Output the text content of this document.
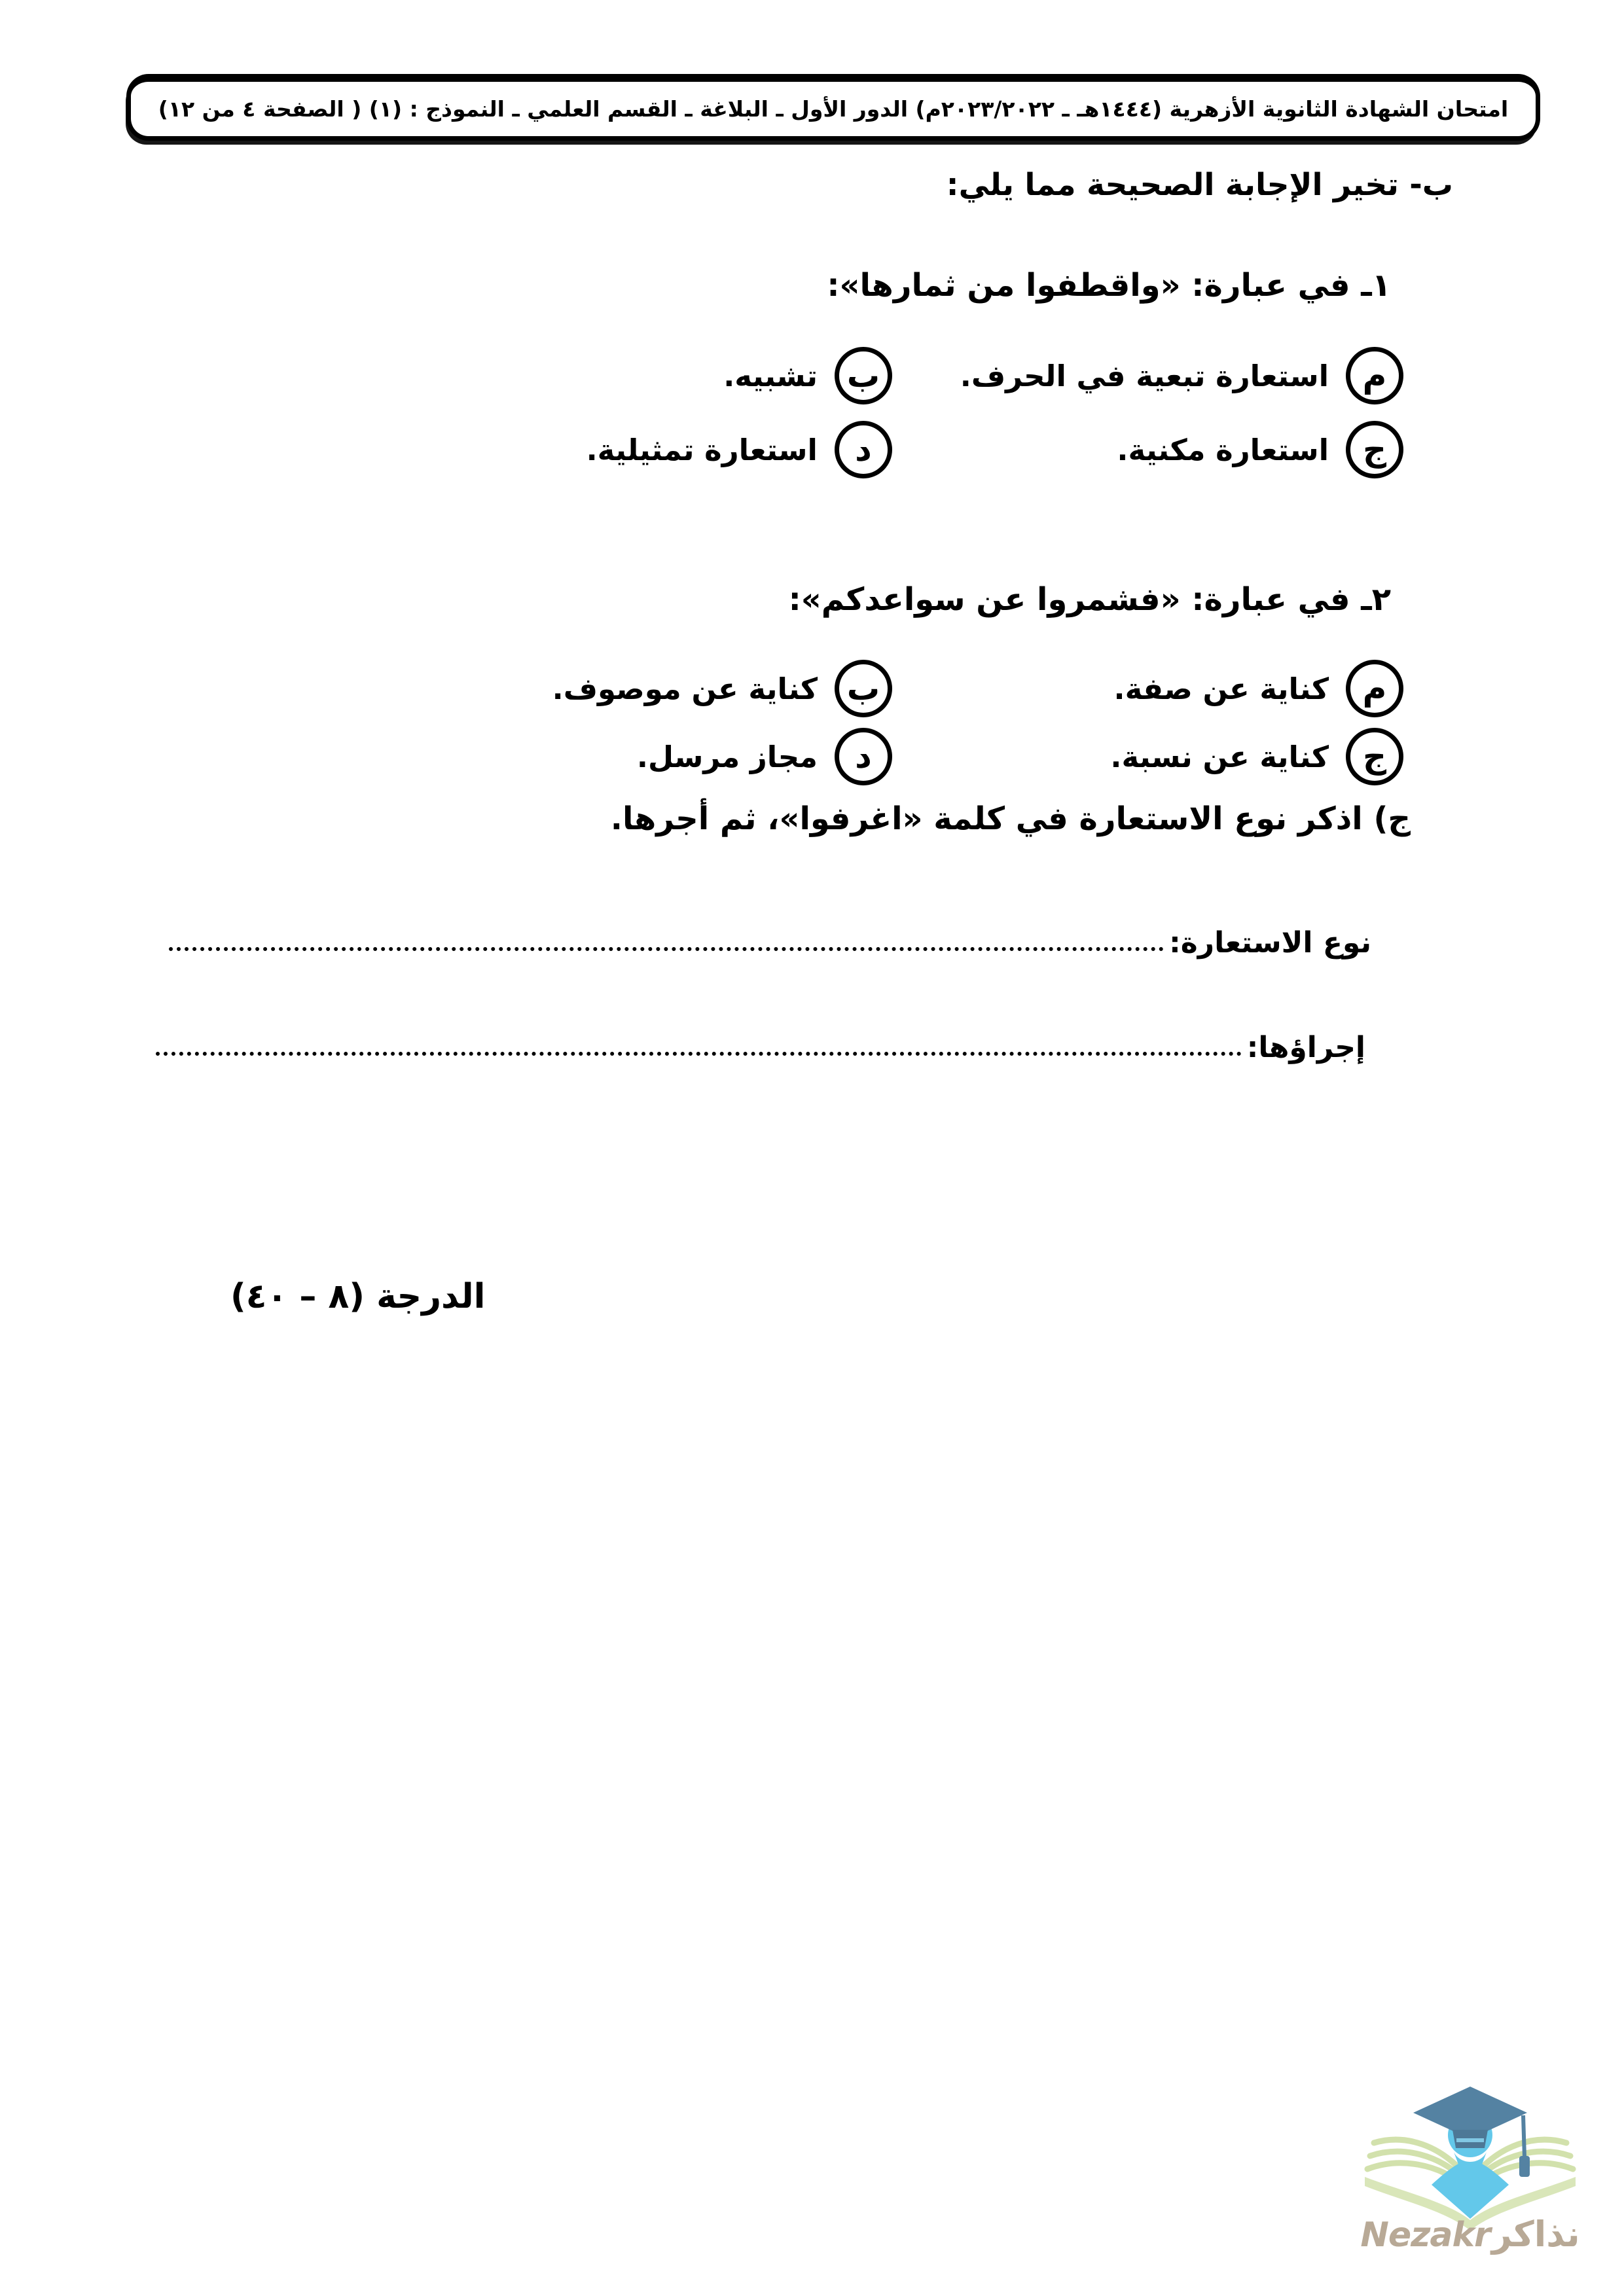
امتحان الشهادة الثانوية الأزهرية (١٤٤٤هـ ـ ٢٠٢٣/٢٠٢٢م) الدور الأول ـ البلاغة ـ القسم العلمي ـ النموذج : (١) ( الصفحة ٤ من ١٢)
ب- تخير الإجابة الصحيحة مما يلي:
١ـ في عبارة: «واقطفوا من ثمارها»:
م
استعارة تبعية في الحرف.
ب
تشبيه.
ج
استعارة مكنية.
د
استعارة تمثيلية.
٢ـ في عبارة: «فشمروا عن سواعدكم»:
م
كناية عن صفة.
ب
كناية عن موصوف.
ج
كناية عن نسبة.
د
مجاز مرسل.
ج) اذكر نوع الاستعارة في كلمة «اغرفوا»، ثم أجرها.
نوع الاستعارة:
إجراؤها:
الدرجة (٨ – ٤٠)
Nezakr نذاكر
